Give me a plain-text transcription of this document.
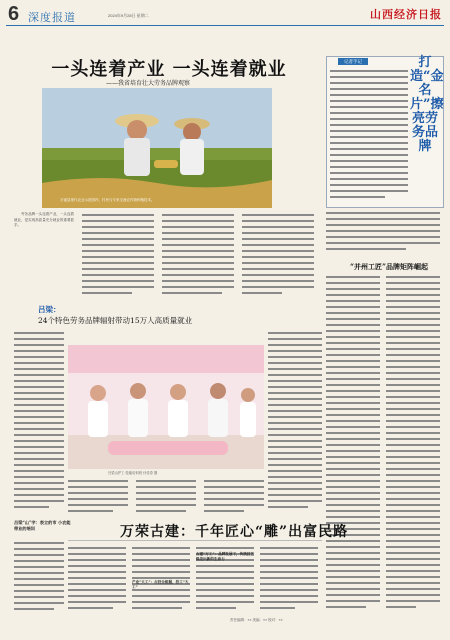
6 深度报道	2024年9月28日 星期二	山西经济日报
一头连着产业 一头连着就业
——我省培育壮大劳务品牌观察
平遥县现代农业示范园内，村民与专家交流农作物种植技术。

劳务品牌一头连着产业，一头连着就业，是实现高质量充分就业的重要抓手。

记者手记	打造“金名片”擦亮劳务品牌
“并州工匠”品牌矩阵崛起
吕梁：
24个特色劳务品牌辐射带动15万人高质量就业
吕梁山护工·技能培训班 付佳奇 摄
吕梁“山”字：表立的市 小农能带业的培训	万荣古建：千年匠心“雕”出富民路
产业“大工”：古技全能掘，技工“大工”
古建“万工”：品牌发展下，传统技艺焕发出新的生命力
责任编辑：×× 美编：×× 校对：××
